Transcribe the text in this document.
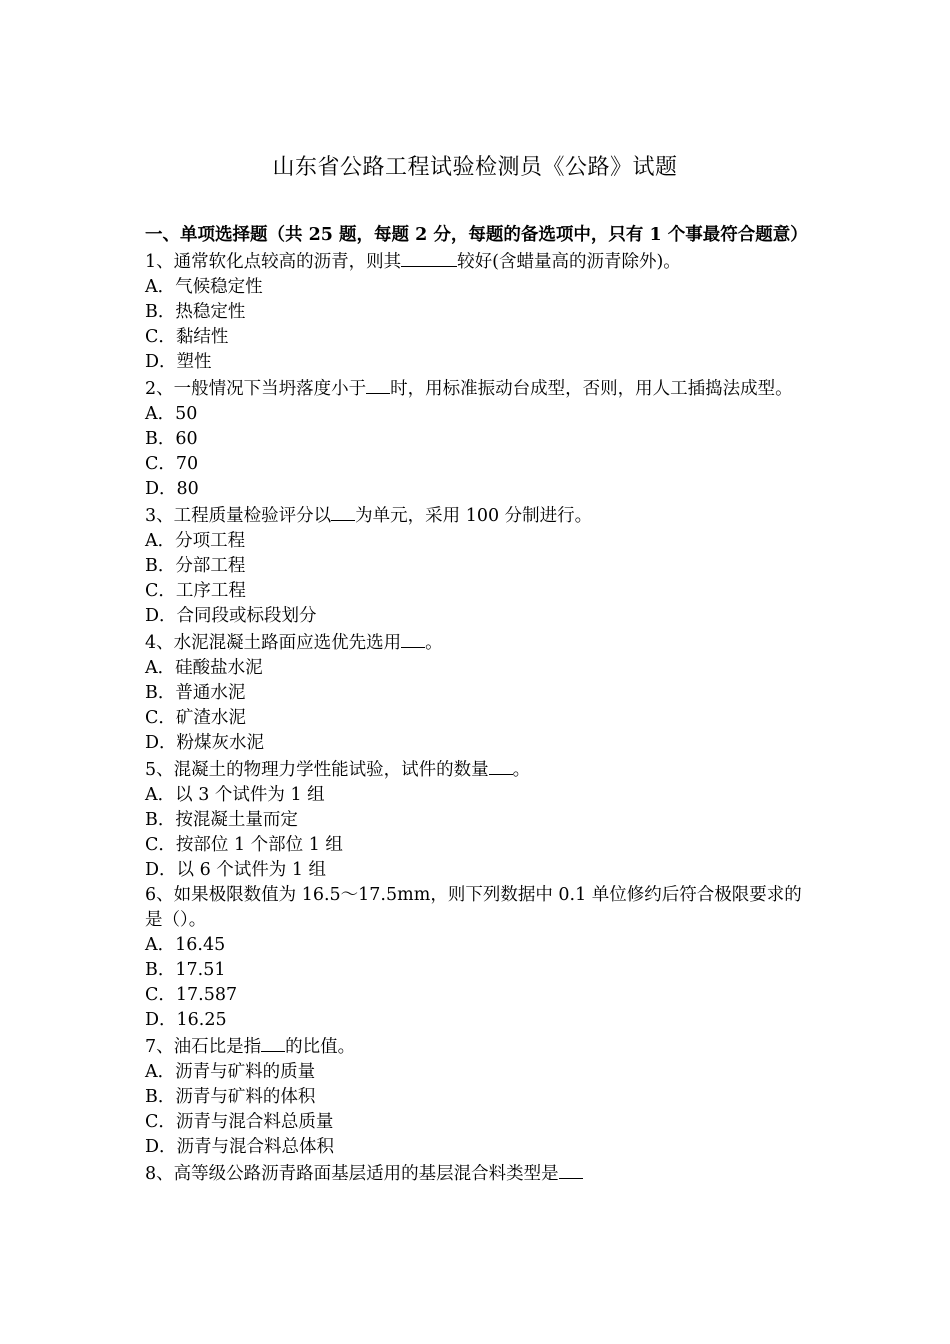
山东省公路工程试验检测员《公路》试题
一、单项选择题（共 25 题，每题 2 分，每题的备选项中，只有 1 个事最符合题意）
1、通常软化点较高的沥青，则其	较好(含蜡量高的沥青除外)。
A．气候稳定性
B．热稳定性
C．黏结性
D．塑性
2、一般情况下当坍落度小于 时，用标准振动台成型，否则，用人工插捣法成型。
A．50
B．60
C．70
D．80
3、工程质量检验评分以 为单元，采用 100 分制进行。
A．分项工程
B．分部工程
C．工序工程
D．合同段或标段划分
4、水泥混凝土路面应选优先选用 。
A．硅酸盐水泥
B．普通水泥
C．矿渣水泥
D．粉煤灰水泥
5、混凝土的物理力学性能试验，试件的数量 。
A．以 3 个试件为 1 组
B．按混凝土量而定
C．按部位 1 个部位 1 组
D．以 6 个试件为 1 组
6、如果极限数值为 16.5～17.5mm，则下列数据中 0.1 单位修约后符合极限要求的是（）。
A．16.45
B．17.51
C．17.587
D．16.25
7、油石比是指 的比值。
A．沥青与矿料的质量
B．沥青与矿料的体积
C．沥青与混合料总质量
D．沥青与混合料总体积
8、高等级公路沥青路面基层适用的基层混合料类型是
